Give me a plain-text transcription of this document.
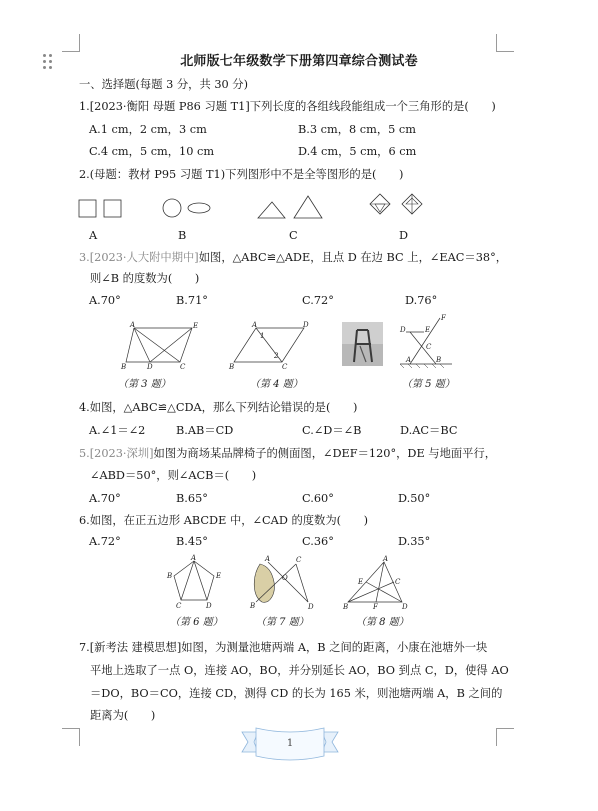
北师版七年级数学下册第四章综合测试卷
一、选择题(每题 3 分，共 30 分)
1.[2023·衡阳 母题 P86 习题 T1]下列长度的各组线段能组成一个三角形的是(　　)
A.1 cm，2 cm，3 cm	B.3 cm，8 cm，5 cm
C.4 cm，5 cm，10 cm	D.4 cm，5 cm，6 cm
2.(母题：教材 P95 习题 T1)下列图形中不是全等图形的是(　　)
A	B	C	D
3.[2023·人大附中期中]如图，△ABC≌△ADE，且点 D 在边 BC 上，∠EAC＝38°，
则∠B 的度数为(　　)
A.70°	B.71°	C.72°	D.76°
A	E
B	D	C
A	D
1
2
B	C
F
D	E
C
A	B
（第 3 题）	（第 4 题）	（第 5 题）
4.如图，△ABC≌△CDA，那么下列结论错误的是(　　)
A.∠1＝∠2	B.AB＝CD	C.∠D＝∠B	D.AC＝BC
5.[2023·深圳]如图为商场某品牌椅子的侧面图，∠DEF＝120°，DE 与地面平行，
∠ABD＝50°，则∠ACB＝(　　)
A.70°	B.65°	C.60°	D.50°
6.如图，在正五边形 ABCDE 中，∠CAD 的度数为(　　)
A.72°	B.45°	C.36°	D.35°
A
E
B
C	D
A
O
B
C
D
A
E	C
B	F	D
（第 6 题）	（第 7 题）	（第 8 题）
7.[新考法 建模思想]如图，为测量池塘两端 A，B 之间的距离，小康在池塘外一块
平地上选取了一点 O，连接 AO，BO，并分别延长 AO，BO 到点 C，D，使得 AO
＝DO，BO＝CO，连接 CD，测得 CD 的长为 165 米，则池塘两端 A，B 之间的
距离为(　　)
1
